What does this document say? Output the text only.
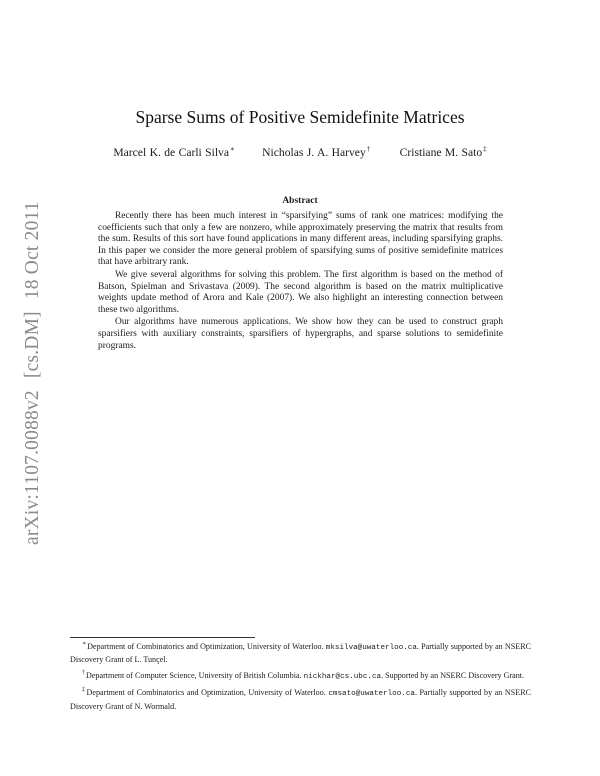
arXiv:1107.0088v2[cs.DM]18 Oct 2011
Sparse Sums of Positive Semidefinite Matrices
Marcel K. de Carli Silva∗ Nicholas J. A. Harvey†	Cristiane M. Sato‡
Abstract

Recently there has been much interest in “sparsifying” sums of rank one matrices: modifying the coefficients such that only a few are nonzero, while approximately preserving the matrix that results from the sum. Results of this sort have found applications in many different areas, including sparsifying graphs. In this paper we consider the more general problem of sparsifying sums of positive semidefinite matrices that have arbitrary rank.

We give several algorithms for solving this problem. The first algorithm is based on the method of Batson, Spielman and Srivastava (2009). The second algorithm is based on the matrix multiplicative weights update method of Arora and Kale (2007). We also highlight an interesting connection between these two algorithms.

Our algorithms have numerous applications. We show how they can be used to construct graph sparsifiers with auxiliary constraints, sparsifiers of hypergraphs, and sparse solutions to semidefinite programs.

∗Department of Combinatorics and Optimization, University of Waterloo. mksilva@uwaterloo.ca. Partially supported by an NSERC Discovery Grant of L. Tunçel.

†Department of Computer Science, University of British Columbia. nickhar@cs.ubc.ca. Supported by an NSERC Discovery Grant.

‡Department of Combinatorics and Optimization, University of Waterloo. cmsato@uwaterloo.ca. Partially supported by an NSERC Discovery Grant of N. Wormald.
